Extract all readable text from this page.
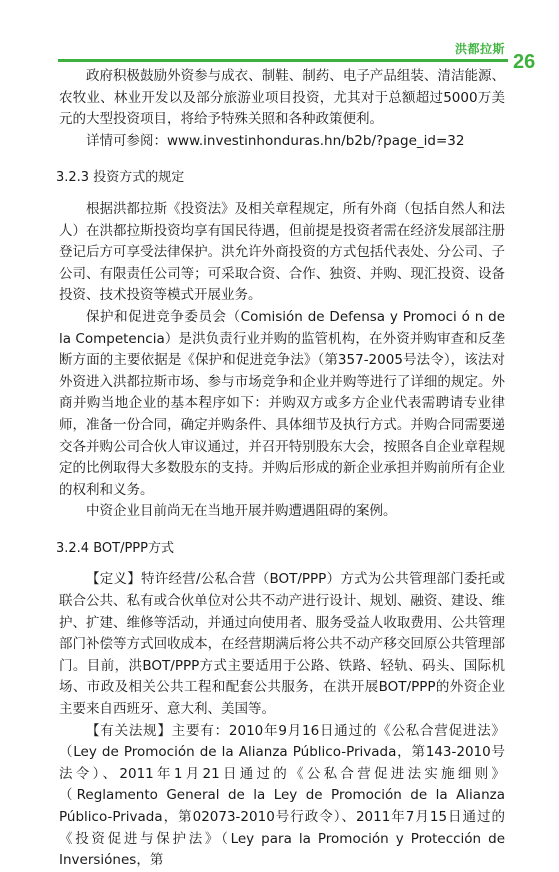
洪都拉斯
26

政府积极鼓励外资参与成衣、制鞋、制药、电子产品组装、清洁能源、农牧业、林业开发以及部分旅游业项目投资，尤其对于总额超过5000万美元的大型投资项目，将给予特殊关照和各种政策便利。

详情可参阅：www.investinhonduras.hn/b2b/?page_id=32

3.2.3 投资方式的规定

根据洪都拉斯《投资法》及相关章程规定，所有外商（包括自然人和法人）在洪都拉斯投资均享有国民待遇，但前提是投资者需在经济发展部注册登记后方可享受法律保护。洪允许外商投资的方式包括代表处、分公司、子公司、有限责任公司等；可采取合资、合作、独资、并购、现汇投资、设备投资、技术投资等模式开展业务。

保护和促进竞争委员会（Comisión de Defensa y Promoci ó n de la Competencia）是洪负责行业并购的监管机构，在外资并购审查和反垄断方面的主要依据是《保护和促进竞争法》（第357-2005号法令），该法对外资进入洪都拉斯市场、参与市场竞争和企业并购等进行了详细的规定。外商并购当地企业的基本程序如下：并购双方或多方企业代表需聘请专业律师，准备一份合同，确定并购条件、具体细节及执行方式。并购合同需要递交各并购公司合伙人审议通过，并召开特别股东大会，按照各自企业章程规定的比例取得大多数股东的支持。并购后形成的新企业承担并购前所有企业的权利和义务。

中资企业目前尚无在当地开展并购遭遇阻碍的案例。

3.2.4 BOT/PPP方式

【定义】特许经营/公私合营（BOT/PPP）方式为公共管理部门委托或联合公共、私有或合伙单位对公共不动产进行设计、规划、融资、建设、维护、扩建、维修等活动，并通过向使用者、服务受益人收取费用、公共管理部门补偿等方式回收成本，在经营期满后将公共不动产移交回原公共管理部门。目前，洪BOT/PPP方式主要适用于公路、铁路、轻轨、码头、国际机场、市政及相关公共工程和配套公共服务，在洪开展BOT/PPP的外资企业主要来自西班牙、意大利、美国等。

【有关法规】主要有：2010年9月16日通过的《公私合营促进法》（Ley de Promoción de la Alianza Público-Privada，第143-2010号法令）、2011年1月21日通过的《公私合营促进法实施细则》（Reglamento General de la Ley de Promoción de la Alianza Público-Privada，第02073-2010号行政令）、2011年7月15日通过的《投资促进与保护法》（Ley para la Promoción y Protección de Inversiónes，第
